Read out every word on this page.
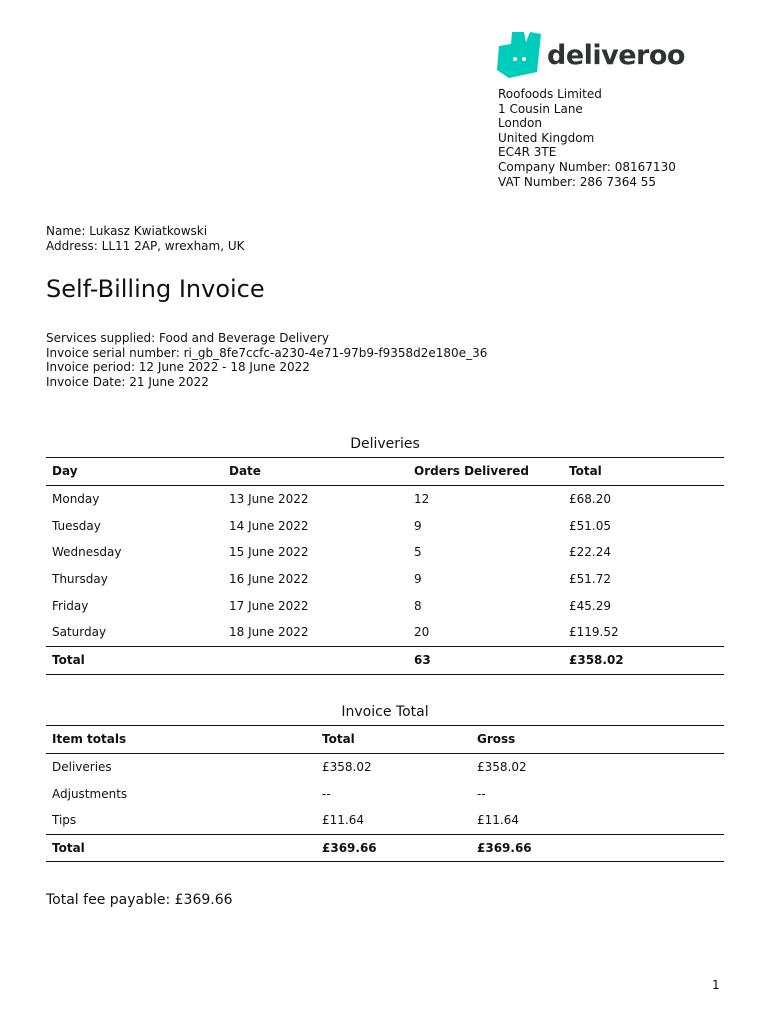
deliveroo
Roofoods Limited
1 Cousin Lane
London
United Kingdom
EC4R 3TE
Company Number: 08167130
VAT Number: 286 7364 55
Name: Lukasz Kwiatkowski
Address: LL11 2AP, wrexham, UK
Self-Billing Invoice
Services supplied: Food and Beverage Delivery
Invoice serial number: ri_gb_8fe7ccfc-a230-4e71-97b9-f9358d2e180e_36
Invoice period: 12 June 2022 - 18 June 2022
Invoice Date: 21 June 2022
Deliveries
Day	Date	Orders Delivered	Total
Monday	13 June 2022	12	£68.20
Tuesday	14 June 2022	9	£51.05
Wednesday	15 June 2022	5	£22.24
Thursday	16 June 2022	9	£51.72
Friday	17 June 2022	8	£45.29
Saturday	18 June 2022	20	£119.52
Total		63	£358.02
Invoice Total
Item totals	Total	Gross
Deliveries	£358.02	£358.02
Adjustments	--	--
Tips	£11.64	£11.64
Total	£369.66	£369.66
Total fee payable: £369.66
1
